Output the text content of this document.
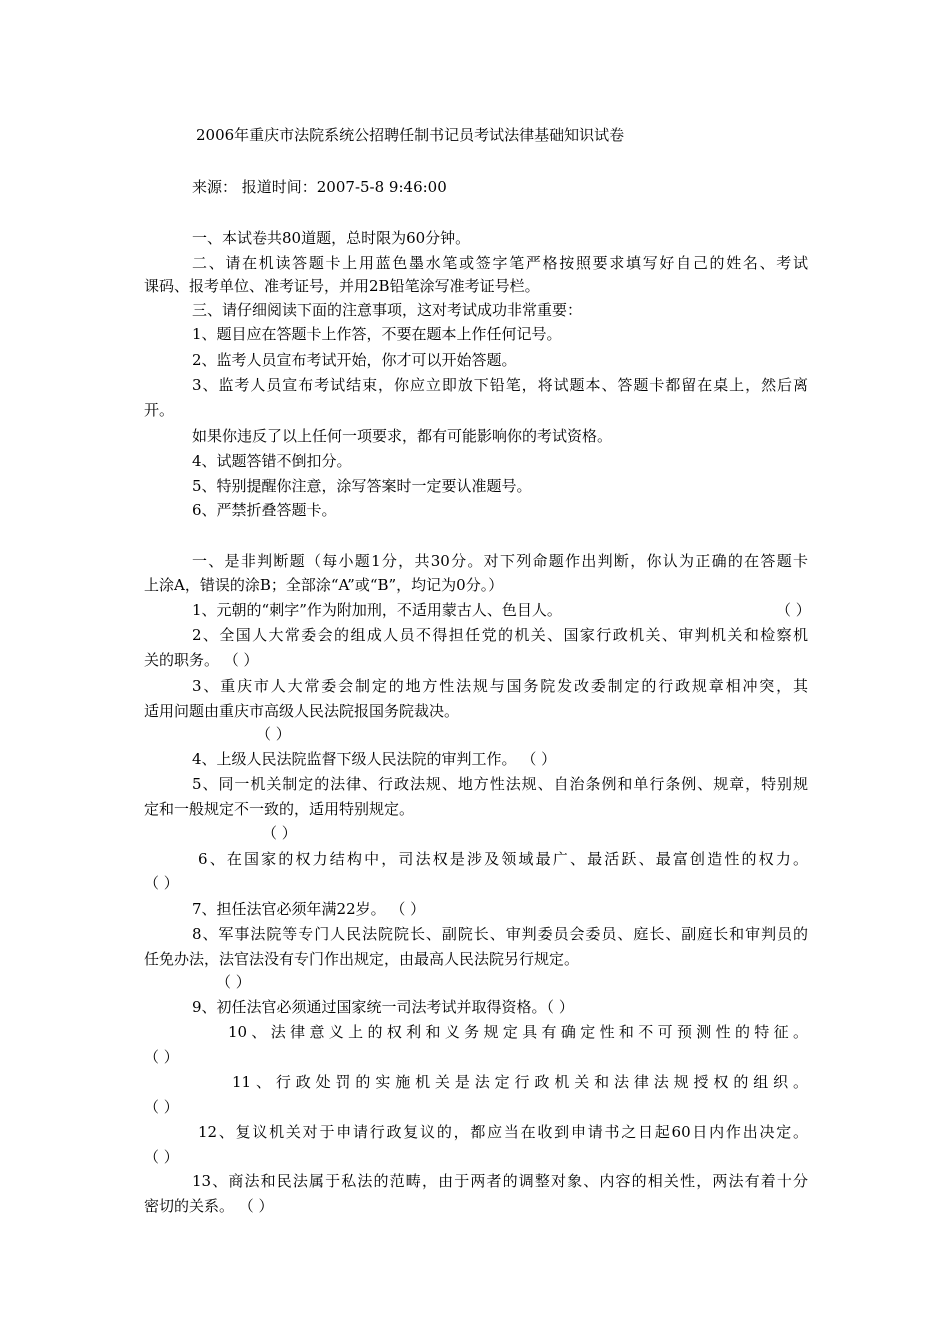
2006年重庆市法院系统公招聘任制书记员考试法律基础知识试卷
来源： 报道时间：2007-5-8 9:46:00
一、本试卷共80道题，总时限为60分钟。
二、请在机读答题卡上用蓝色墨水笔或签字笔严格按照要求填写好自己的姓名、考试
课码、报考单位、准考证号，并用2B铅笔涂写准考证号栏。
三、请仔细阅读下面的注意事项，这对考试成功非常重要：
1、题目应在答题卡上作答，不要在题本上作任何记号。
2、监考人员宣布考试开始，你才可以开始答题。
3、监考人员宣布考试结束，你应立即放下铅笔，将试题本、答题卡都留在桌上，然后离
开。
如果你违反了以上任何一项要求，都有可能影响你的考试资格。
4、试题答错不倒扣分。
5、特别提醒你注意，涂写答案时一定要认准题号。
6、严禁折叠答题卡。
一、是非判断题（每小题1分，共30分。对下列命题作出判断，你认为正确的在答题卡
上涂A，错误的涂B；全部涂“A”或“B”，均记为0分。）
1、元朝的“刺字”作为附加刑，不适用蒙古人、色目人。	（ ）
2、全国人大常委会的组成人员不得担任党的机关、国家行政机关、审判机关和检察机
关的职务。 （ ）
3、重庆市人大常委会制定的地方性法规与国务院发改委制定的行政规章相冲突，其
适用问题由重庆市高级人民法院报国务院裁决。
（ ）
4、上级人民法院监督下级人民法院的审判工作。 （ ）
5、同一机关制定的法律、行政法规、地方性法规、自治条例和单行条例、规章，特别规
定和一般规定不一致的，适用特别规定。
（ ）
6、在国家的权力结构中，司法权是涉及领域最广、最活跃、最富创造性的权力。
（ ）
7、担任法官必须年满22岁。 （ ）
8、军事法院等专门人民法院院长、副院长、审判委员会委员、庭长、副庭长和审判员的
任免办法，法官法没有专门作出规定，由最高人民法院另行规定。
（ ）
9、初任法官必须通过国家统一司法考试并取得资格。（ ）
10、法律意义上的权利和义务规定具有确定性和不可预测性的特征。
（ ）
11、行政处罚的实施机关是法定行政机关和法律法规授权的组织。
（ ）
12、复议机关对于申请行政复议的，都应当在收到申请书之日起60日内作出决定。
（ ）
13、商法和民法属于私法的范畴，由于两者的调整对象、内容的相关性，两法有着十分
密切的关系。 （ ）
